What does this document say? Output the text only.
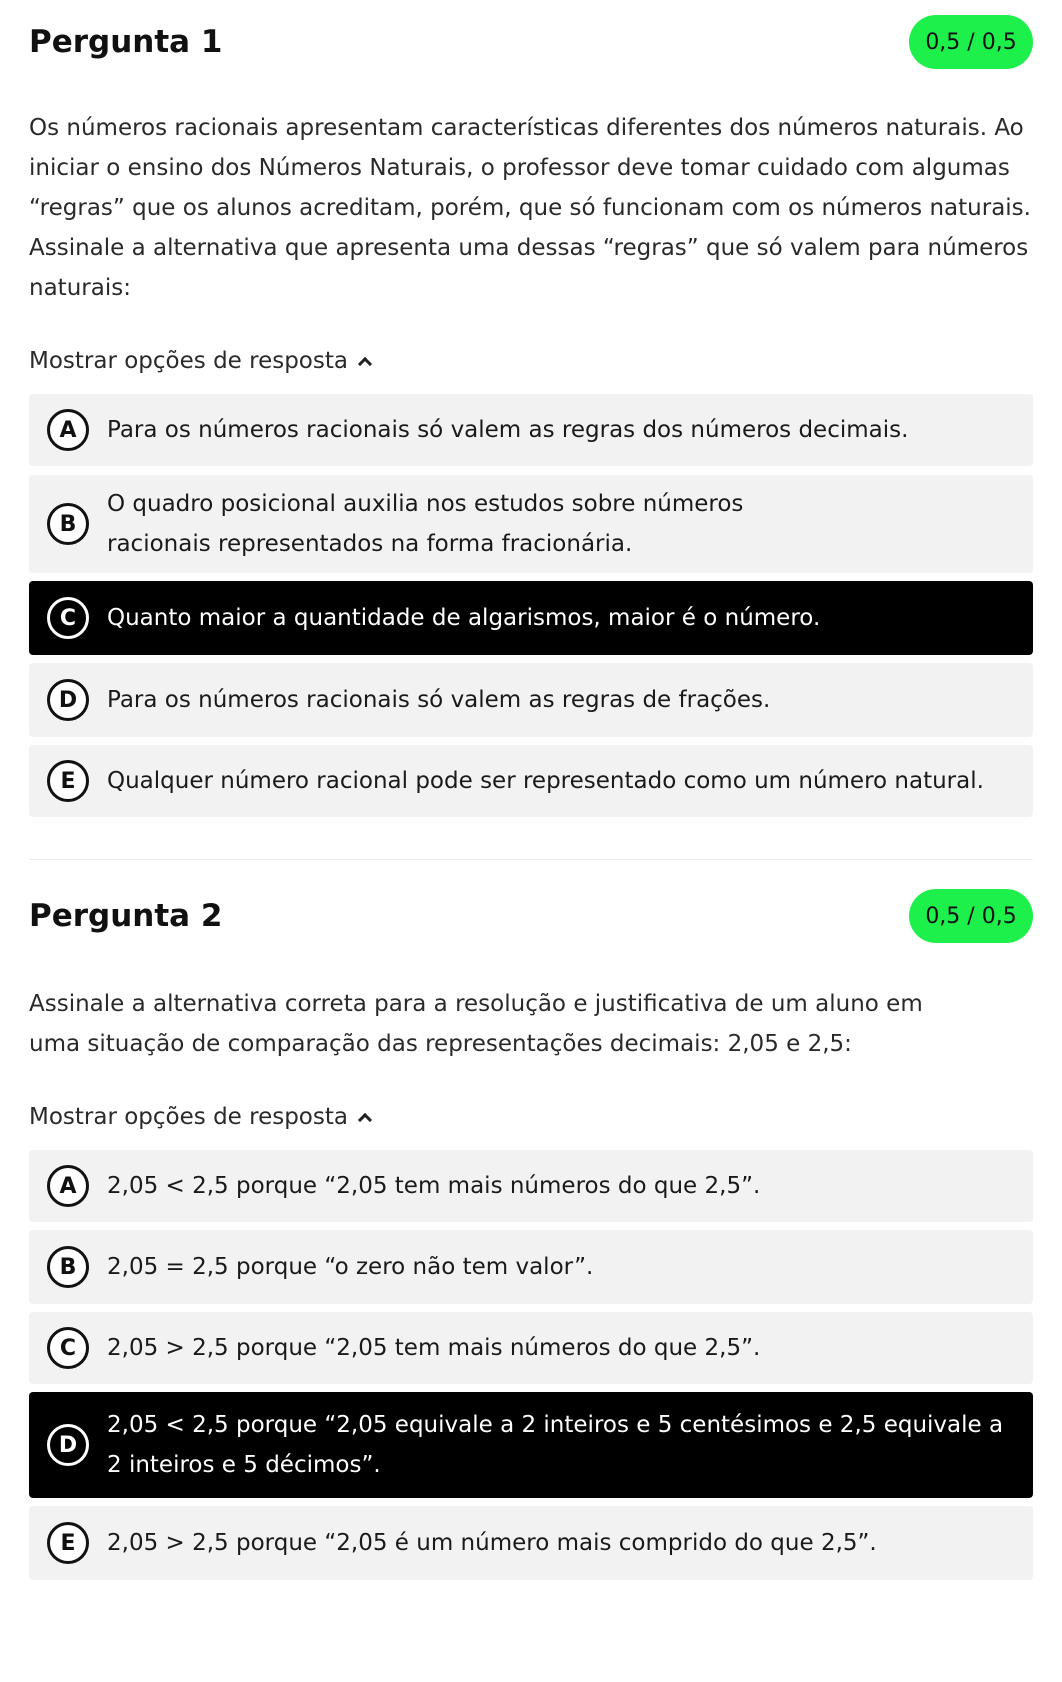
Pergunta 1	0,5 / 0,5

Os números racionais apresentam características diferentes dos números naturais. Ao iniciar o ensino dos Números Naturais, o professor deve tomar cuidado com algumas “regras” que os alunos acreditam, porém, que só funcionam com os números naturais. Assinale a alternativa que apresenta uma dessas “regras” que só valem para números naturais:

Mostrar opções de resposta
A	Para os números racionais só valem as regras dos números decimais.
B
O quadro posicional auxilia nos estudos sobre números racionais representados na forma fracionária.
C	Quanto maior a quantidade de algarismos, maior é o número.
D	Para os números racionais só valem as regras de frações.
E	Qualquer número racional pode ser representado como um número natural.
Pergunta 2	0,5 / 0,5

Assinale a alternativa correta para a resolução e justificativa de um aluno em uma situação de comparação das representações decimais: 2,05 e 2,5:

Mostrar opções de resposta
A	2,05 < 2,5 porque “2,05 tem mais números do que 2,5”.
B	2,05 = 2,5 porque “o zero não tem valor”.
C	2,05 > 2,5 porque “2,05 tem mais números do que 2,5”.
D
2,05 < 2,5 porque “2,05 equivale a 2 inteiros e 5 centésimos e 2,5 equivale a 2 inteiros e 5 décimos”.
E	2,05 > 2,5 porque “2,05 é um número mais comprido do que 2,5”.
